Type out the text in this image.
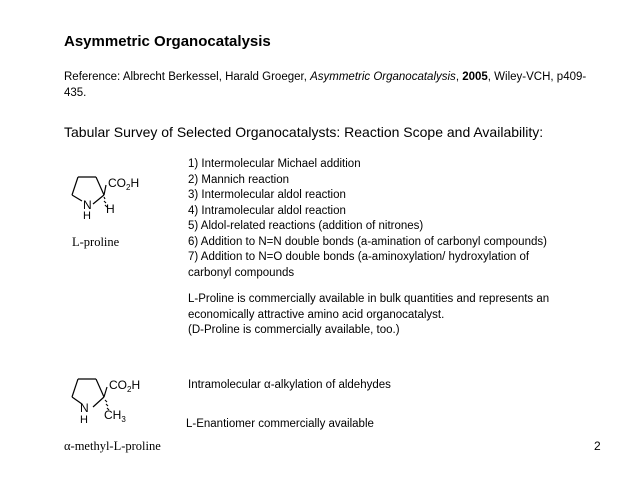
Asymmetric Organocatalysis
Reference: Albrecht Berkessel, Harald Groeger, Asymmetric Organocatalysis, 2005, Wiley-VCH, p409-435.
Tabular Survey of Selected Organocatalysts: Reaction Scope and Availability:
$CO_2H$
N
H H
L-proline
1) Intermolecular Michael addition
2) Mannich reaction
3) Intermolecular aldol reaction
4) Intramolecular aldol reaction
5) Aldol-related reactions (addition of nitrones)
6) Addition to N=N double bonds (a-amination of carbonyl compounds)
7) Addition to N=O double bonds (a-aminoxylation/ hydroxylation of
carbonyl compounds
L-Proline is commercially available in bulk quantities and represents an
economically attractive amino acid organocatalyst.
(D-Proline is commercially available, too.)
$CO_2H$
N
H $CH_3$
Intramolecular α-alkylation of aldehydes
L-Enantiomer commercially available
α-methyl-L-proline	2
